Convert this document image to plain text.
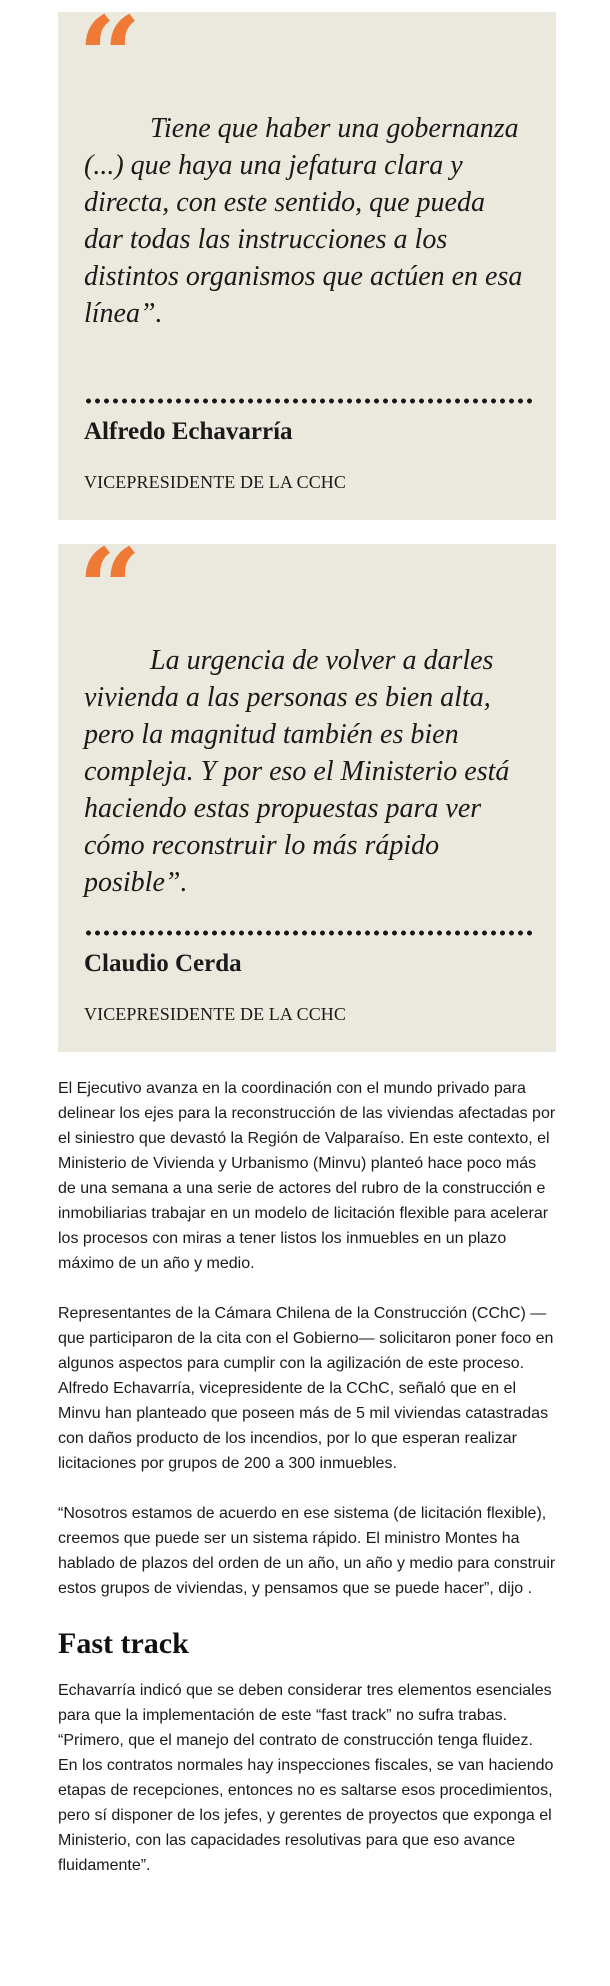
“

Tiene que haber una gobernanza (...) que haya una jefatura clara y directa, con este sentido, que pueda dar todas las instrucciones a los distintos organismos que actúen en esa línea”.

Alfredo Echavarría

VICEPRESIDENTE DE LA CCHC

“

La urgencia de volver a darles vivienda a las personas es bien alta, pero la magnitud también es bien compleja. Y por eso el Ministerio está haciendo estas propuestas para ver cómo reconstruir lo más rápido posible”.

Claudio Cerda

VICEPRESIDENTE DE LA CCHC

El Ejecutivo avanza en la coordinación con el mundo privado para delinear los ejes para la reconstrucción de las viviendas afectadas por el siniestro que devastó la Región de Valparaíso. En este contexto, el Ministerio de Vivienda y Urbanismo (Minvu) planteó hace poco más de una semana a una serie de actores del rubro de la construcción e inmobiliarias trabajar en un modelo de licitación flexible para acelerar los procesos con miras a tener listos los inmuebles en un plazo máximo de un año y medio.

Representantes de la Cámara Chilena de la Construcción (CChC) —que participaron de la cita con el Gobierno— solicitaron poner foco en algunos aspectos para cumplir con la agilización de este proceso. Alfredo Echavarría, vicepresidente de la CChC, señaló que en el Minvu han planteado que poseen más de 5 mil viviendas catastradas con daños producto de los incendios, por lo que esperan realizar licitaciones por grupos de 200 a 300 inmuebles.

“Nosotros estamos de acuerdo en ese sistema (de licitación flexible), creemos que puede ser un sistema rápido. El ministro Montes ha hablado de plazos del orden de un año, un año y medio para construir estos grupos de viviendas, y pensamos que se puede hacer”, dijo .

Fast track

Echavarría indicó que se deben considerar tres elementos esenciales para que la implementación de este “fast track” no sufra trabas. “Primero, que el manejo del contrato de construcción tenga fluidez. En los contratos normales hay inspecciones fiscales, se van haciendo etapas de recepciones, entonces no es saltarse esos procedimientos, pero sí disponer de los jefes, y gerentes de proyectos que exponga el Ministerio, con las capacidades resolutivas para que eso avance fluidamente”.
